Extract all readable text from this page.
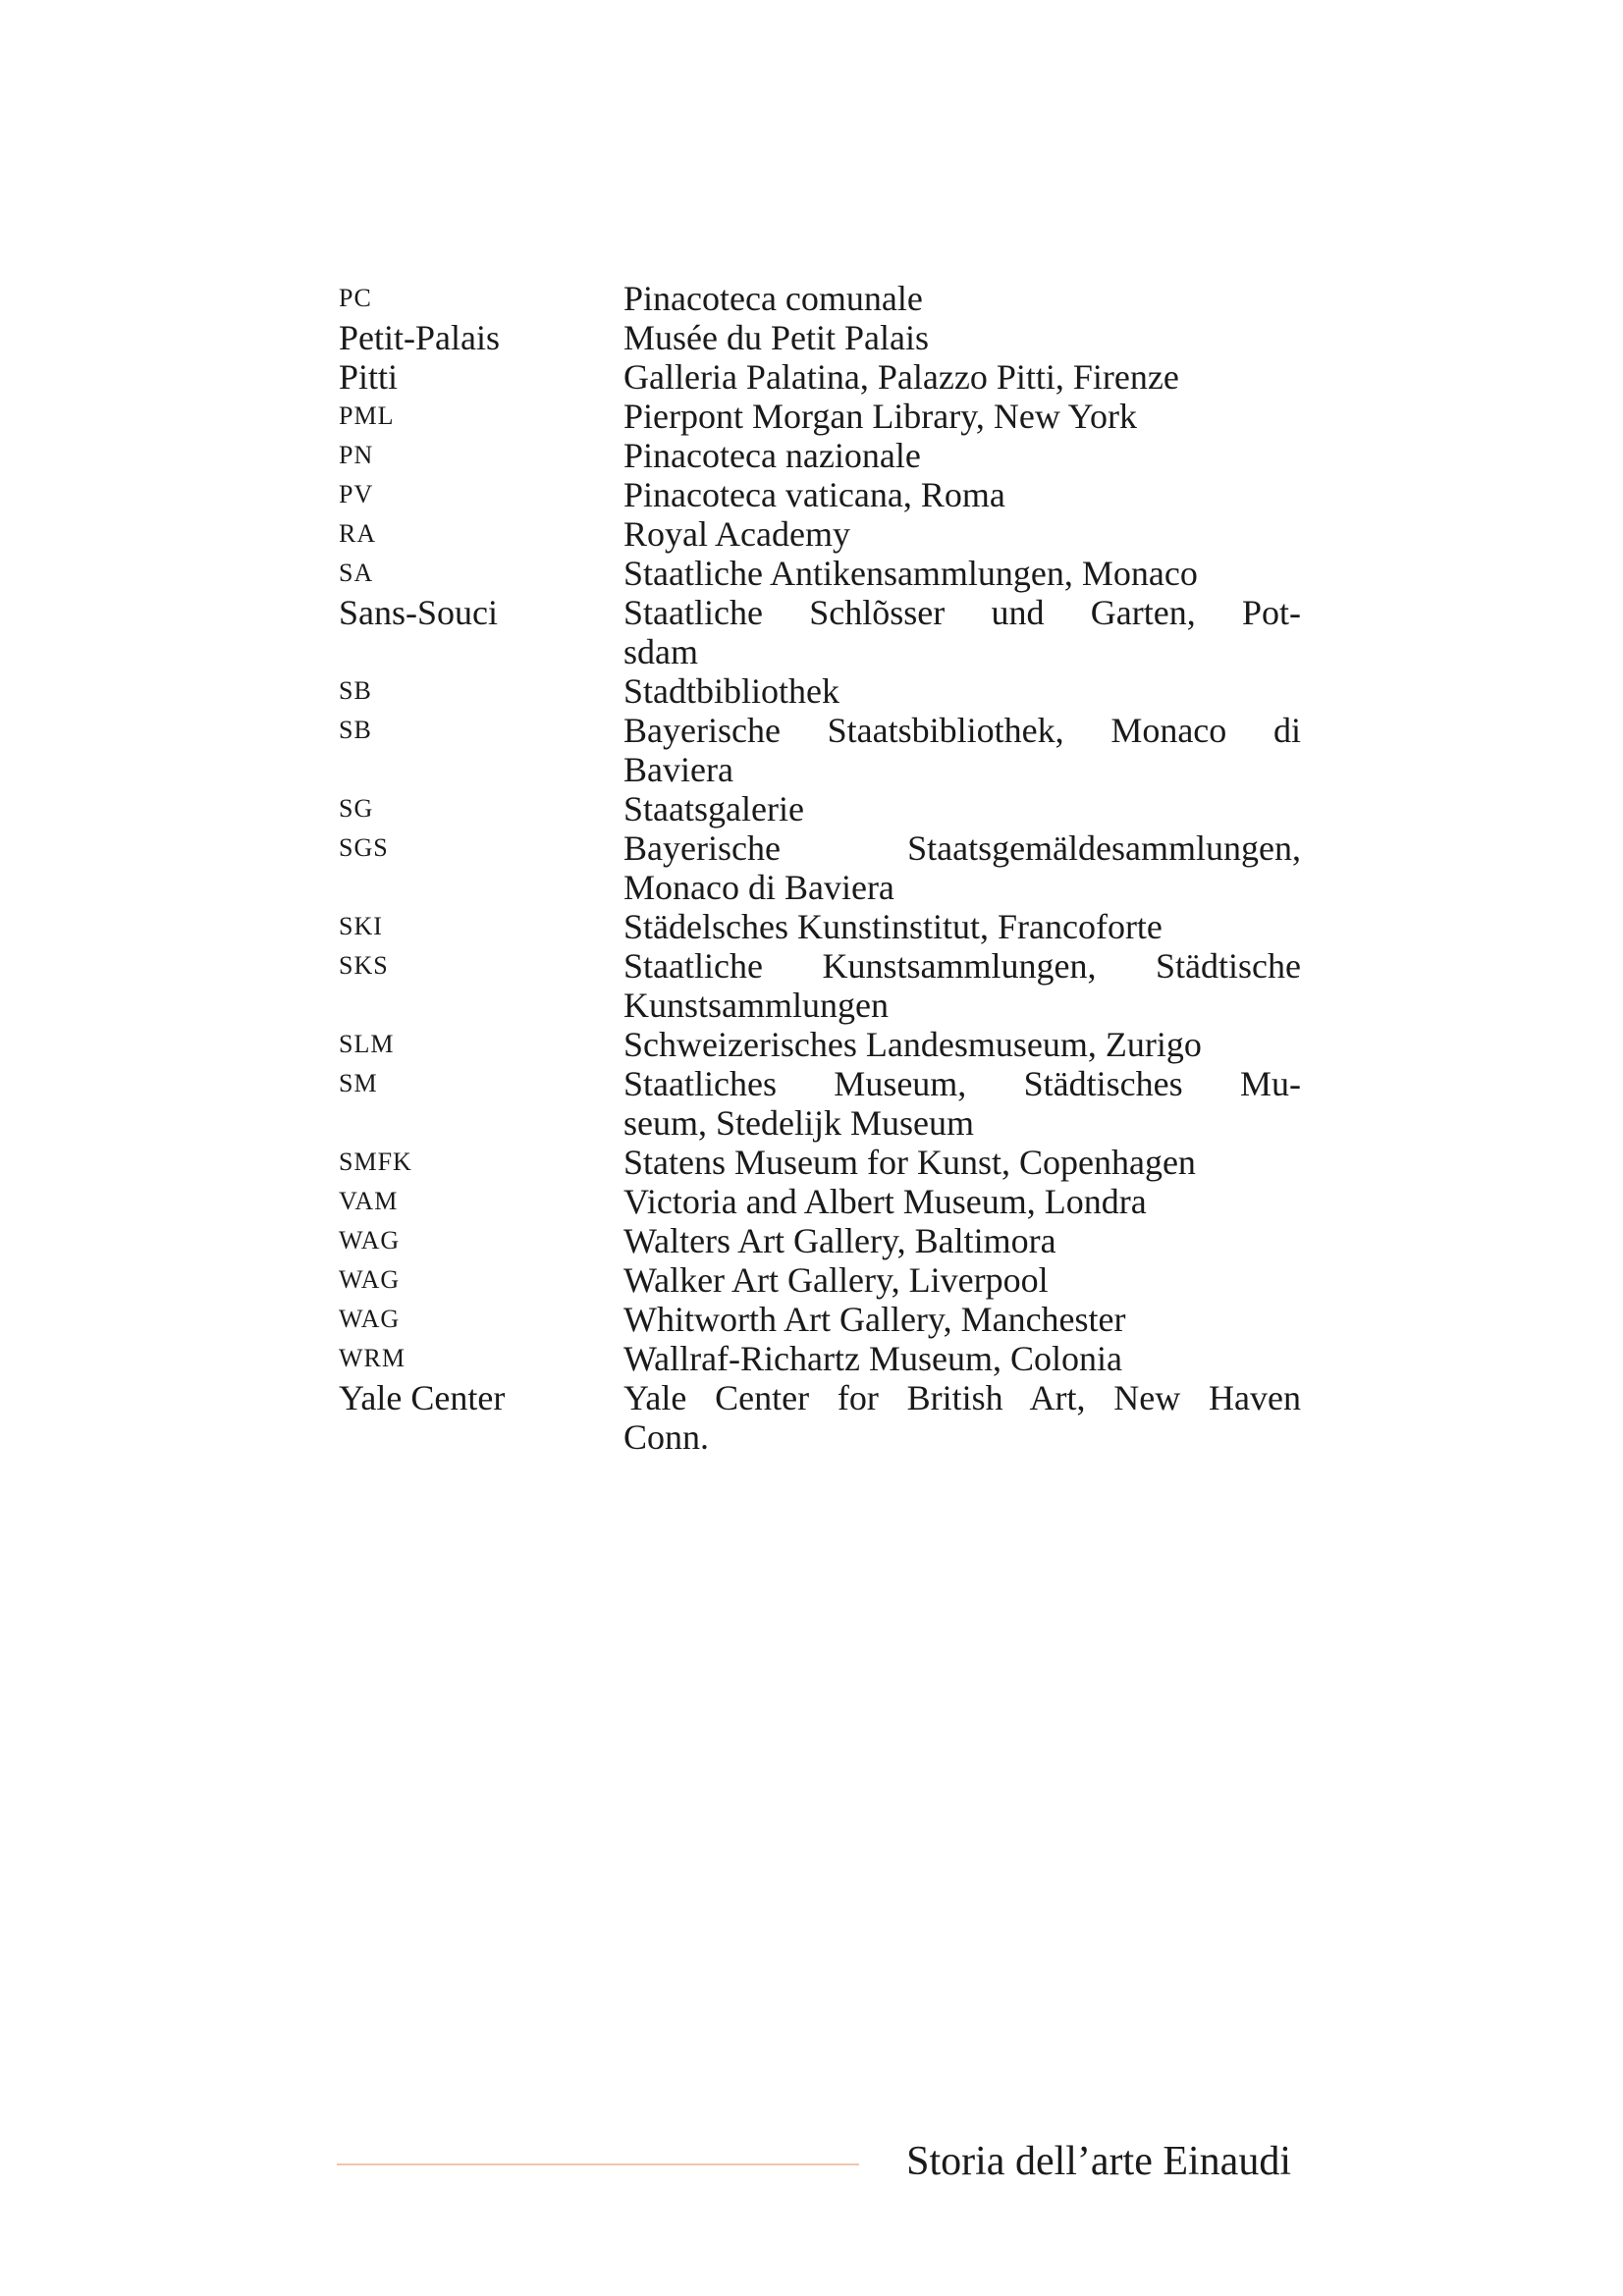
PC	Pinacoteca comunale
Petit-Palais	Musée du Petit Palais
Pitti	Galleria Palatina, Palazzo Pitti, Firenze
PML	Pierpont Morgan Library, New York
PN	Pinacoteca nazionale
PV	Pinacoteca vaticana, Roma
RA	Royal Academy
SA	Staatliche Antikensammlungen, Monaco
Sans-Souci	Staatliche Schlõsser und Garten, Pot-
sdam
SB	Stadtbibliothek
SB	Bayerische Staatsbibliothek, Monaco di
Baviera
SG	Staatsgalerie
SGS	Bayerische Staatsgemäldesammlungen,
Monaco di Baviera
SKI	Städelsches Kunstinstitut, Francoforte
SKS	Staatliche Kunstsammlungen, Städtische
Kunstsammlungen
SLM	Schweizerisches Landesmuseum, Zurigo
SM	Staatliches Museum, Städtisches Mu-
seum, Stedelijk Museum
SMFK	Statens Museum for Kunst, Copenhagen
VAM	Victoria and Albert Museum, Londra
WAG	Walters Art Gallery, Baltimora
WAG	Walker Art Gallery, Liverpool
WAG	Whitworth Art Gallery, Manchester
WRM	Wallraf-Richartz Museum, Colonia
Yale Center	Yale Center for British Art, New Haven
Conn.
Storia dell’arte Einaudi
